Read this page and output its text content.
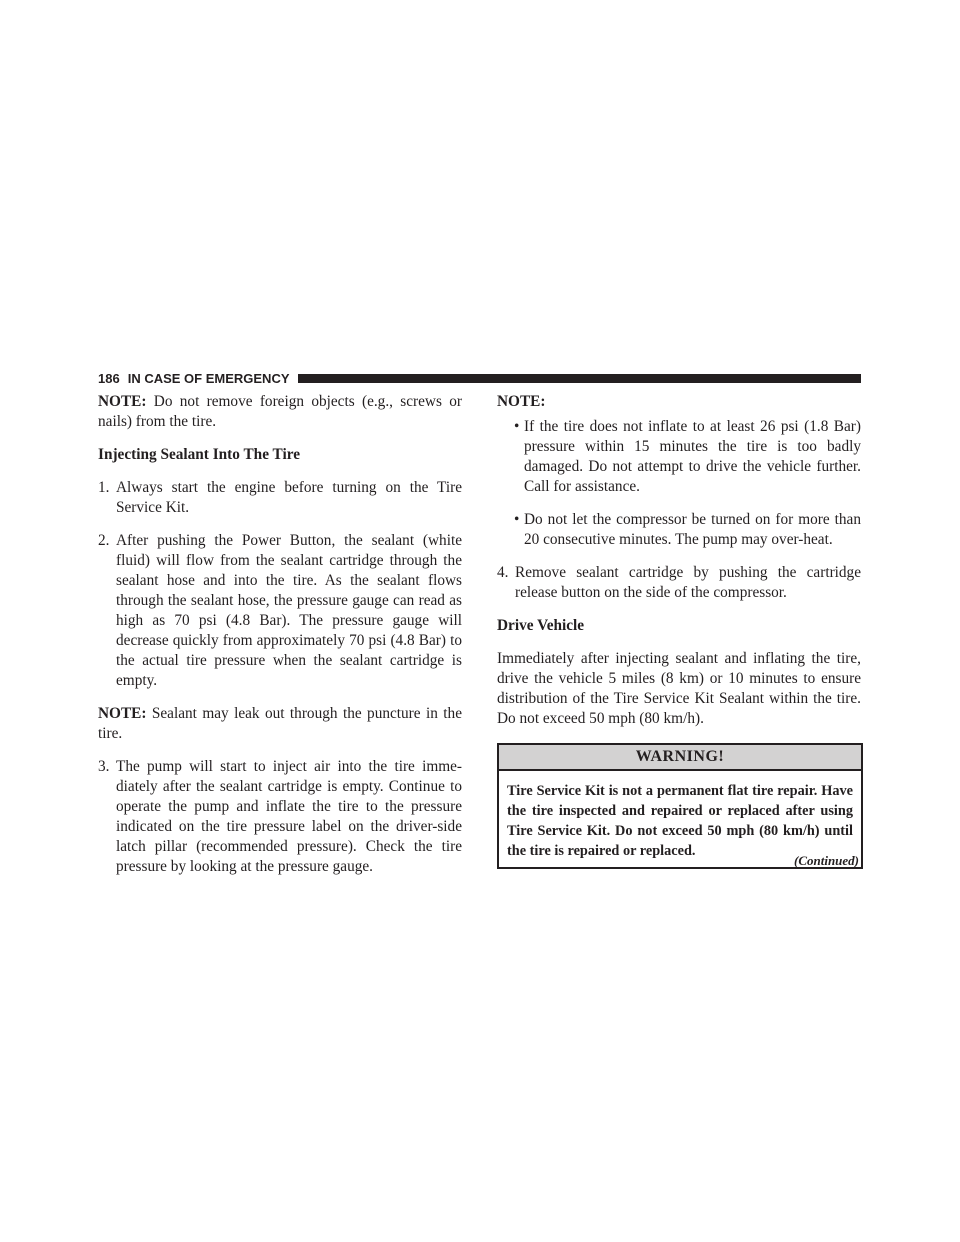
186 IN CASE OF EMERGENCY

NOTE: Do not remove foreign objects (e.g., screws or nails) from the tire.

Injecting Sealant Into The Tire
1. Always start the engine before turning on the Tire Service Kit.
2. After pushing the Power Button, the sealant (white fluid) will flow from the sealant cartridge through the sealant hose and into the tire. As the sealant flows through the sealant hose, the pressure gauge can read as high as 70 psi (4.8 Bar). The pressure gauge will decrease quickly from approximately 70 psi (4.8 Bar) to the actual tire pressure when the sealant cartridge is empty.

NOTE: Sealant may leak out through the puncture in the tire.

3. The pump will start to inject air into the tire imme-diately after the sealant cartridge is empty. Continue to operate the pump and inflate the tire to the pressure indicated on the tire pressure label on the driver-side latch pillar (recommended pressure). Check the tire pressure by looking at the pressure gauge.
NOTE:
• If the tire does not inflate to at least 26 psi (1.8 Bar) pressure within 15 minutes the tire is too badly damaged. Do not attempt to drive the vehicle further. Call for assistance.
• Do not let the compressor be turned on for more than 20 consecutive minutes. The pump may over-heat.
4. Remove sealant cartridge by pushing the cartridge release button on the side of the compressor.
Drive Vehicle

Immediately after injecting sealant and inflating the tire, drive the vehicle 5 miles (8 km) or 10 minutes to ensure distribution of the Tire Service Kit Sealant within the tire. Do not exceed 50 mph (80 km/h).

WARNING!
Tire Service Kit is not a permanent flat tire repair. Have the tire inspected and repaired or replaced after using Tire Service Kit. Do not exceed 50 mph (80 km/h) until the tire is repaired or replaced.
(Continued)
